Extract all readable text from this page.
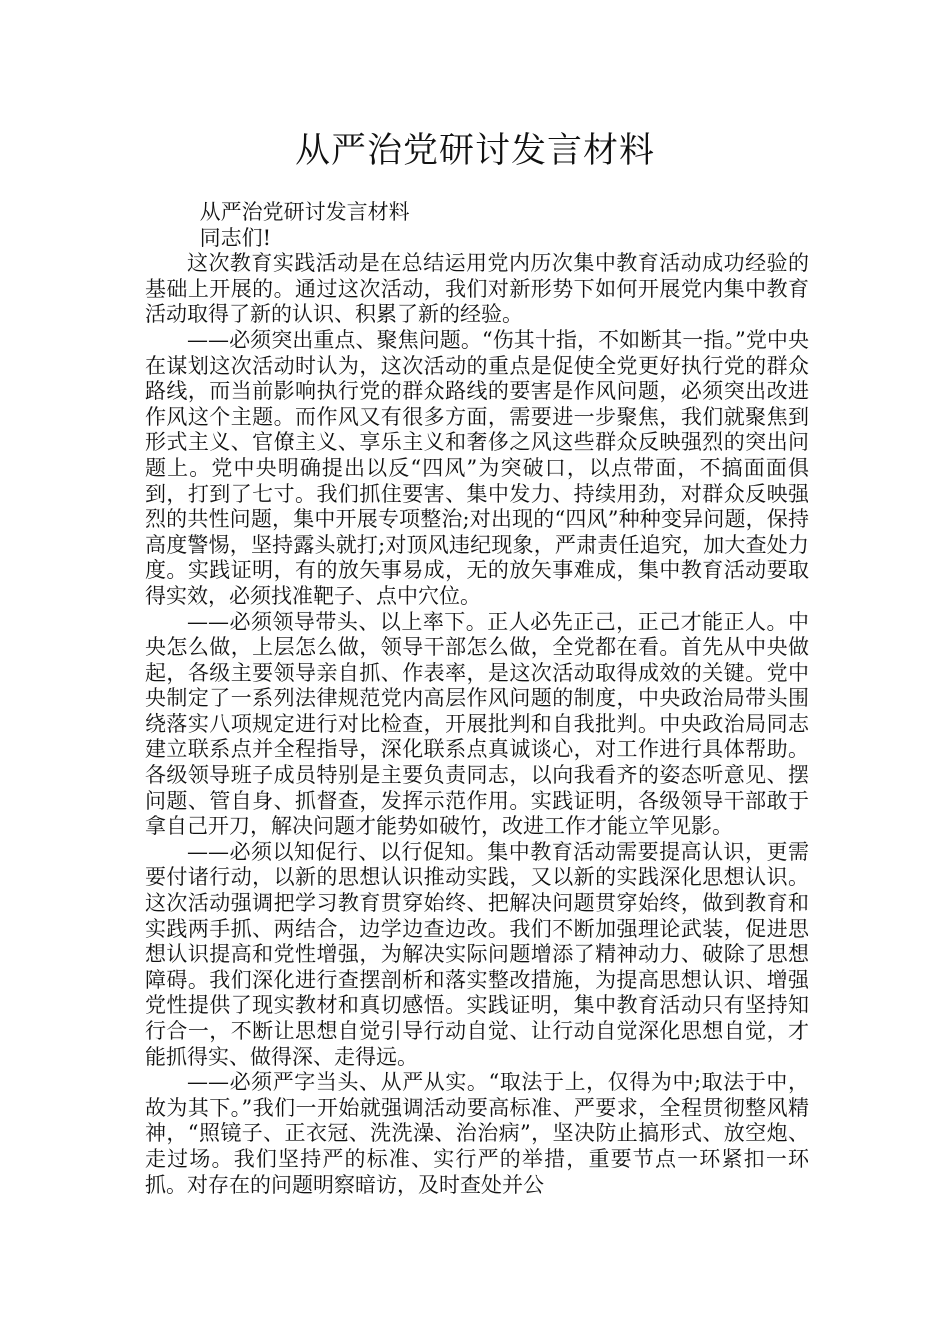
从严治党研讨发言材料

从严治党研讨发言材料

同志们!

这次教育实践活动是在总结运用党内历次集中教育活动成功经验的基础上开展的。通过这次活动，我们对新形势下如何开展党内集中教育活动取得了新的认识、积累了新的经验。

——必须突出重点、聚焦问题。“伤其十指，不如断其一指。”党中央在谋划这次活动时认为，这次活动的重点是促使全党更好执行党的群众路线，而当前影响执行党的群众路线的要害是作风问题，必须突出改进作风这个主题。而作风又有很多方面，需要进一步聚焦，我们就聚焦到形式主义、官僚主义、享乐主义和奢侈之风这些群众反映强烈的突出问题上。党中央明确提出以反“四风”为突破口，以点带面，不搞面面俱到，打到了七寸。我们抓住要害、集中发力、持续用劲，对群众反映强烈的共性问题，集中开展专项整治;对出现的“四风”种种变异问题，保持高度警惕，坚持露头就打;对顶风违纪现象，严肃责任追究，加大查处力度。实践证明，有的放矢事易成，无的放矢事难成，集中教育活动要取得实效，必须找准靶子、点中穴位。

——必须领导带头、以上率下。正人必先正己，正己才能正人。中央怎么做，上层怎么做，领导干部怎么做，全党都在看。首先从中央做起，各级主要领导亲自抓、作表率，是这次活动取得成效的关键。党中央制定了一系列法律规范党内高层作风问题的制度，中央政治局带头围绕落实八项规定进行对比检查，开展批判和自我批判。中央政治局同志建立联系点并全程指导，深化联系点真诚谈心，对工作进行具体帮助。各级领导班子成员特别是主要负责同志，以向我看齐的姿态听意见、摆问题、管自身、抓督查，发挥示范作用。实践证明，各级领导干部敢于拿自己开刀，解决问题才能势如破竹，改进工作才能立竿见影。

——必须以知促行、以行促知。集中教育活动需要提高认识，更需要付诸行动，以新的思想认识推动实践，又以新的实践深化思想认识。这次活动强调把学习教育贯穿始终、把解决问题贯穿始终，做到教育和实践两手抓、两结合，边学边查边改。我们不断加强理论武装，促进思想认识提高和党性增强，为解决实际问题增添了精神动力、破除了思想障碍。我们深化进行查摆剖析和落实整改措施，为提高思想认识、增强党性提供了现实教材和真切感悟。实践证明，集中教育活动只有坚持知行合一，不断让思想自觉引导行动自觉、让行动自觉深化思想自觉，才能抓得实、做得深、走得远。

——必须严字当头、从严从实。“取法于上，仅得为中;取法于中，故为其下。”我们一开始就强调活动要高标准、严要求，全程贯彻整风精神，“照镜子、正衣冠、洗洗澡、治治病”，坚决防止搞形式、放空炮、走过场。我们坚持严的标准、实行严的举措，重要节点一环紧扣一环抓。对存在的问题明察暗访，及时查处并公
